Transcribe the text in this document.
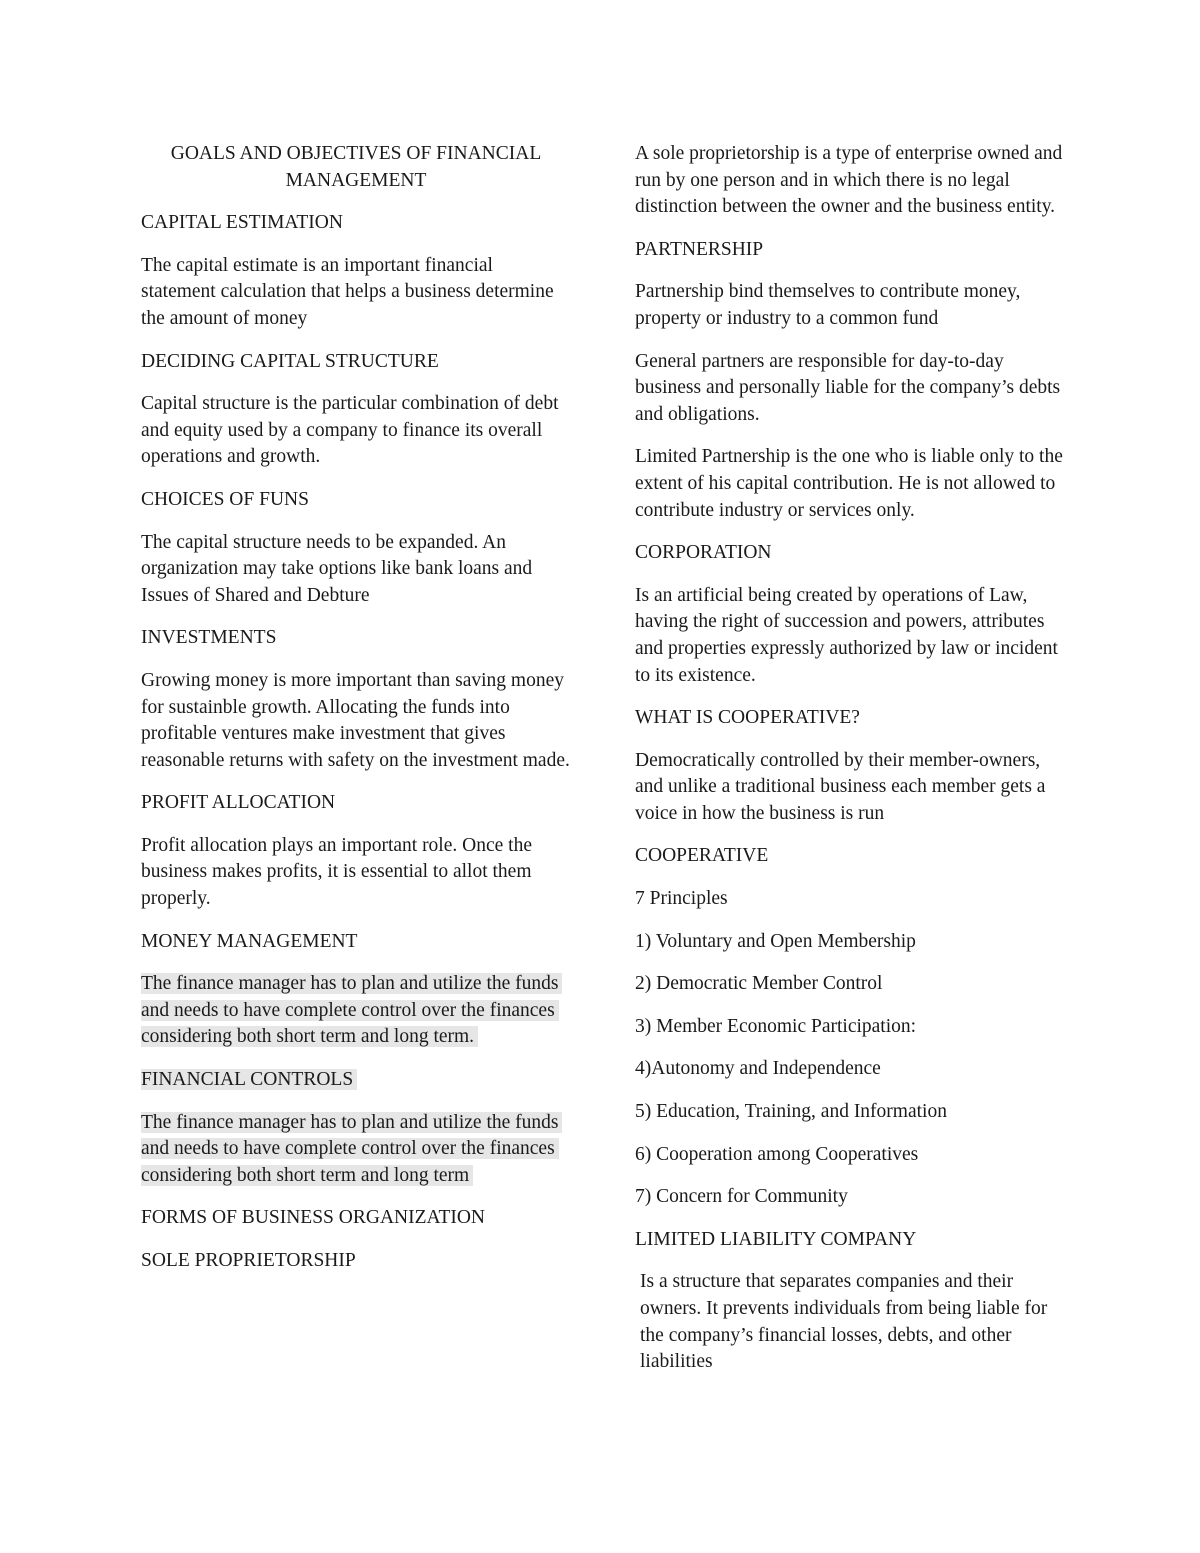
GOALS AND OBJECTIVES OF FINANCIAL MANAGEMENT

CAPITAL ESTIMATION

The capital estimate is an important financial statement calculation that helps a business determine the amount of money

DECIDING CAPITAL STRUCTURE

Capital structure is the particular combination of debt and equity used by a company to finance its overall operations and growth.

CHOICES OF FUNS

The capital structure needs to be expanded. An organization may take options like bank loans and Issues of Shared and Debture

INVESTMENTS

Growing money is more important than saving money for sustainble growth. Allocating the funds into profitable ventures make investment that gives reasonable returns with safety on the investment made.

PROFIT ALLOCATION

Profit allocation plays an important role. Once the business makes profits, it is essential to allot them properly.

MONEY MANAGEMENT

The finance manager has to plan and utilize the funds and needs to have complete control over the finances considering both short term and long term.

FINANCIAL CONTROLS

The finance manager has to plan and utilize the funds and needs to have complete control over the finances considering both short term and long term

FORMS OF BUSINESS ORGANIZATION

SOLE PROPRIETORSHIP

A sole proprietorship is a type of enterprise owned and run by one person and in which there is no legal distinction between the owner and the business entity.

PARTNERSHIP

Partnership bind themselves to contribute money, property or industry to a common fund

General partners are responsible for day-to-day business and personally liable for the company’s debts and obligations.

Limited Partnership is the one who is liable only to the extent of his capital contribution. He is not allowed to contribute industry or services only.

CORPORATION

Is an artificial being created by operations of Law, having the right of succession and powers, attributes and properties expressly authorized by law or incident to its existence.

WHAT IS COOPERATIVE?

Democratically controlled by their member-owners, and unlike a traditional business each member gets a voice in how the business is run

COOPERATIVE

7 Principles

1) Voluntary and Open Membership

2) Democratic Member Control

3) Member Economic Participation:

4)Autonomy and Independence

5) Education, Training, and Information

6) Cooperation among Cooperatives

7) Concern for Community

LIMITED LIABILITY COMPANY

Is a structure that separates companies and their owners. It prevents individuals from being liable for the company’s financial losses, debts, and other liabilities
